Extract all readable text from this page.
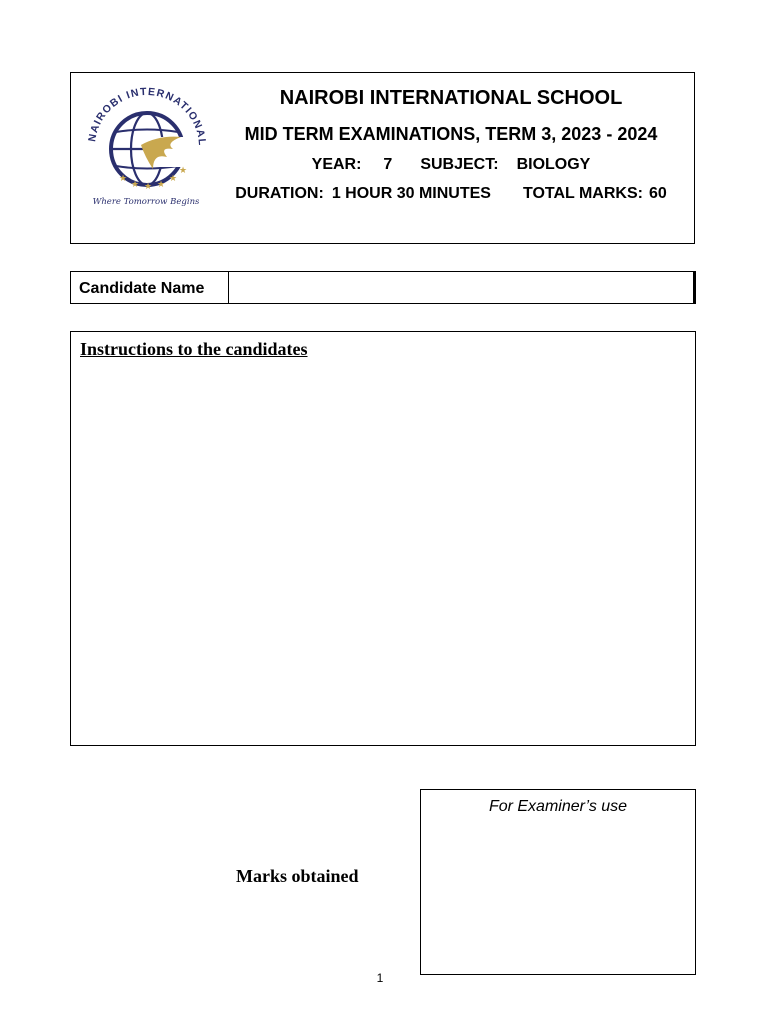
NAIROBI INTERNATIONAL
★
★ ★ ★
★
★
Where Tomorrow Begins
NAIROBI INTERNATIONAL SCHOOL
MID TERM EXAMINATIONS, TERM 3, 2023 - 2024
YEAR: 7 SUBJECT: BIOLOGY
DURATION: 1 HOUR 30 MINUTES TOTAL MARKS: 60
Candidate Name
Instructions to the candidates
Marks obtained
For Examiner’s use
1
